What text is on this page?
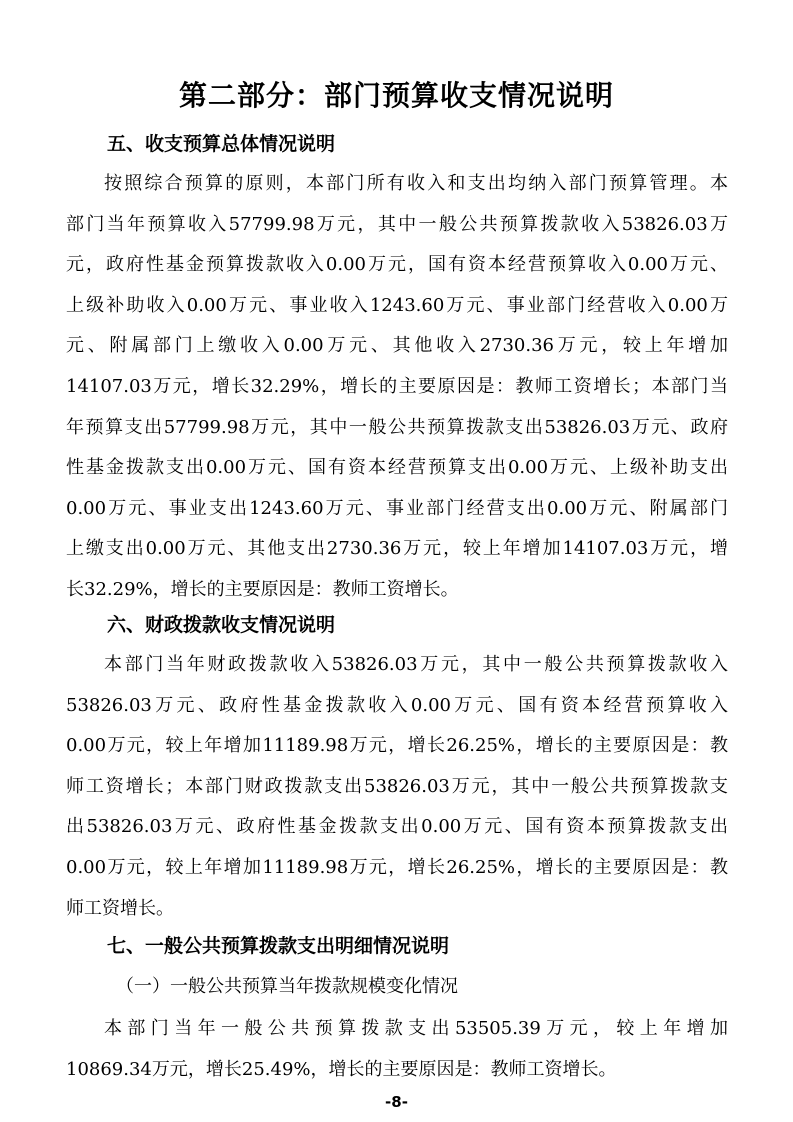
第二部分：部门预算收支情况说明
五、收支预算总体情况说明
按照综合预算的原则，本部门所有收入和支出均纳入部门预算管理。本
部门当年预算收入57799.98万元，其中一般公共预算拨款收入53826.03万
元，政府性基金预算拨款收入0.00万元，国有资本经营预算收入0.00万元、
上级补助收入0.00万元、事业收入1243.60万元、事业部门经营收入0.00万
元、附属部门上缴收入0.00万元、其他收入2730.36万元，较上年增加
14107.03万元，增长32.29%，增长的主要原因是：教师工资增长；本部门当
年预算支出57799.98万元，其中一般公共预算拨款支出53826.03万元、政府
性基金拨款支出0.00万元、国有资本经营预算支出0.00万元、上级补助支出
0.00万元、事业支出1243.60万元、事业部门经营支出0.00万元、附属部门
上缴支出0.00万元、其他支出2730.36万元，较上年增加14107.03万元，增
长32.29%，增长的主要原因是：教师工资增长。
六、财政拨款收支情况说明
本部门当年财政拨款收入53826.03万元，其中一般公共预算拨款收入
53826.03万元、政府性基金拨款收入0.00万元、国有资本经营预算收入
0.00万元，较上年增加11189.98万元，增长26.25%，增长的主要原因是：教
师工资增长；本部门财政拨款支出53826.03万元，其中一般公共预算拨款支
出53826.03万元、政府性基金拨款支出0.00万元、国有资本预算拨款支出
0.00万元，较上年增加11189.98万元，增长26.25%，增长的主要原因是：教
师工资增长。
七、一般公共预算拨款支出明细情况说明
（一）一般公共预算当年拨款规模变化情况
本部门当年一般公共预算拨款支出53505.39万元，较上年增加
10869.34万元，增长25.49%，增长的主要原因是：教师工资增长。
-8-
